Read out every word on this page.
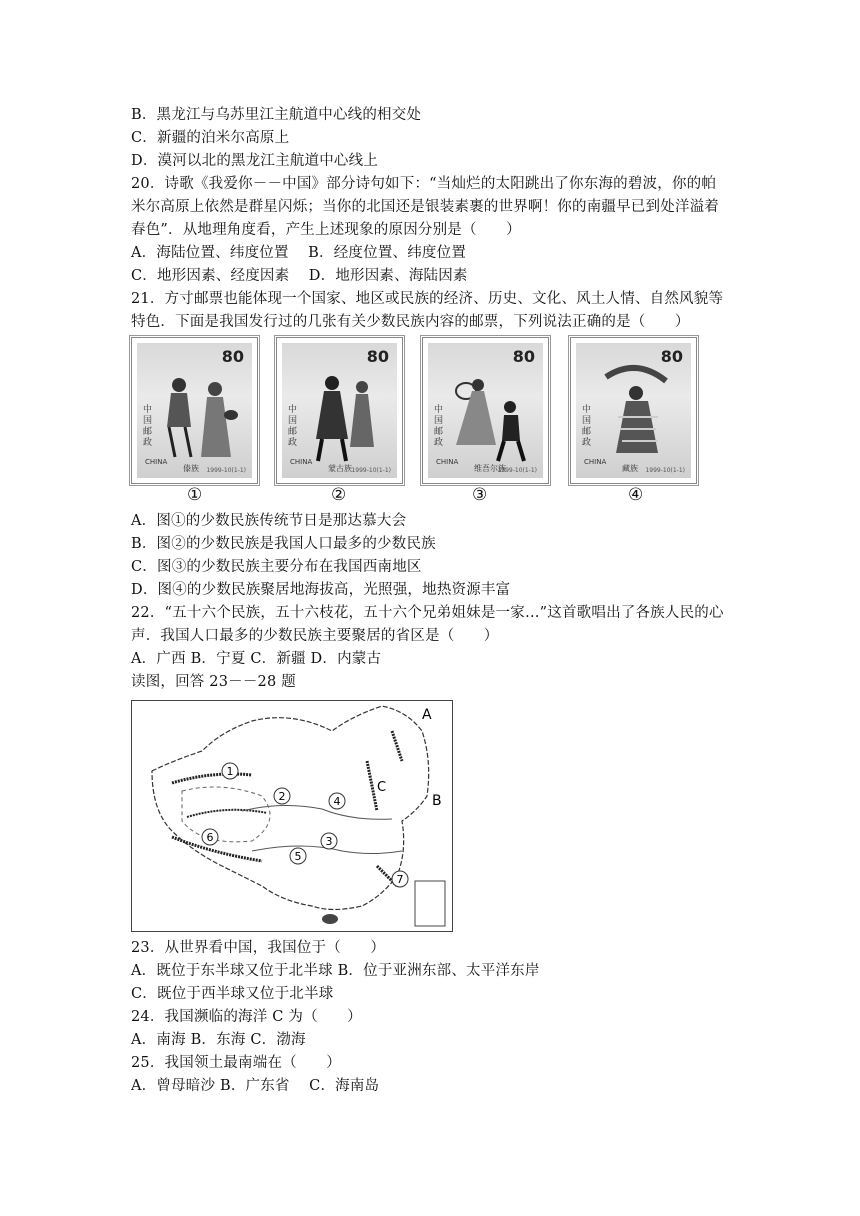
B．黑龙江与乌苏里江主航道中心线的相交处
C．新疆的泊米尔高原上
D．漠河以北的黑龙江主航道中心线上
20．诗歌《我爱你－－中国》部分诗句如下：“当灿烂的太阳跳出了你东海的碧波，你的帕
米尔高原上依然是群星闪烁；当你的北国还是银装素裹的世界啊！你的南疆早已到处洋溢着
春色”．从地理角度看，产生上述现象的原因分别是（　　）
A．海陆位置、纬度位置　 B．经度位置、纬度位置
C．地形因素、经度因素　 D．地形因素、海陆因素
21．方寸邮票也能体现一个国家、地区或民族的经济、历史、文化、风土人情、自然风貌等
特色．下面是我国发行过的几张有关少数民族内容的邮票，下列说法正确的是（　　）
80
中国邮政
CHINA
傣族 1999-10(1-1)
①
80
中国邮政
CHINA
蒙古族 1999-10(1-1)
②
80
中国邮政
CHINA
维吾尔族
1999-10(1-1)
③
80
中国邮政
CHINA
藏族 1999-10(1-1)
④
A．图①的少数民族传统节日是那达慕大会
B．图②的少数民族是我国人口最多的少数民族
C．图③的少数民族主要分布在我国西南地区
D．图④的少数民族聚居地海拔高，光照强，地热资源丰富
22．“五十六个民族，五十六枝花，五十六个兄弟姐妹是一家…”这首歌唱出了各族人民的心
声．我国人口最多的少数民族主要聚居的省区是（　　）
A．广西 B．宁夏 C．新疆 D．内蒙古
读图，回答 23－－28 题
1
2
3
4
5
6
7
A
B
C
23．从世界看中国，我国位于（　　）
A．既位于东半球又位于北半球 B．位于亚洲东部、太平洋东岸
C．既位于西半球又位于北半球
24．我国濒临的海洋 C 为（　　）
A．南海 B．东海 C．渤海
25．我国领土最南端在（　　）
A．曾母暗沙 B．广东省　 C．海南岛
